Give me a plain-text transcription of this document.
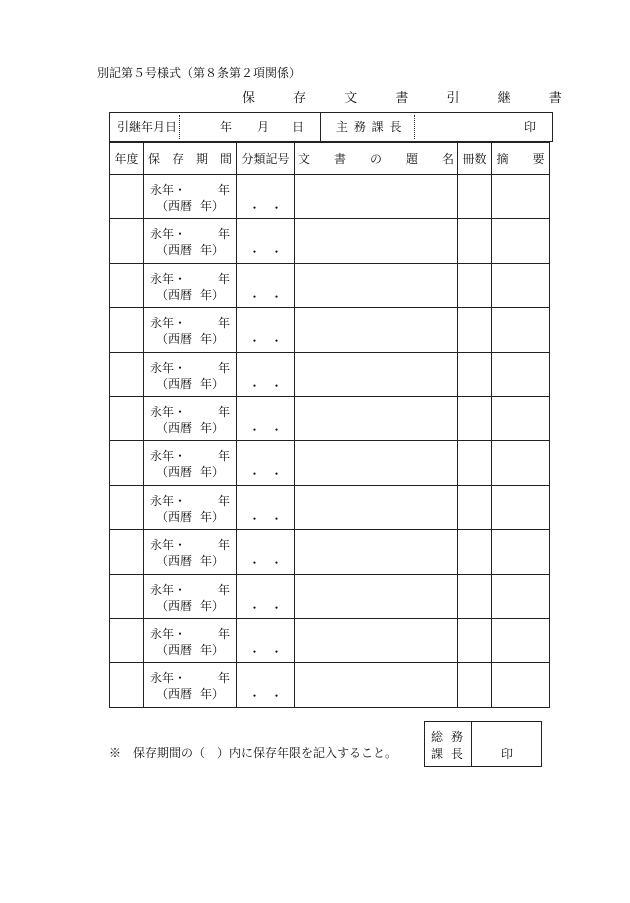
別記第５号様式（第８条第２項関係）
保 存 文 書 引 継 書
引継年月日	年 月 日	主 務 課 長	印
年度	保　存　期　間	分類記号	文　　書　　の　　題　　名	冊数	摘　　要

	永年・ 年
（西暦 年）	・・			

	永年・ 年
（西暦 年）	・・			

	永年・ 年
（西暦 年）	・・			

	永年・ 年
（西暦 年）	・・			

	永年・ 年
（西暦 年）	・・			

	永年・ 年
（西暦 年）	・・			

	永年・ 年
（西暦 年）	・・			

	永年・ 年
（西暦 年）	・・			

	永年・ 年
（西暦 年）	・・			

	永年・ 年
（西暦 年）	・・			

	永年・ 年
（西暦 年）	・・			

	永年・ 年
（西暦 年）	・・			

※　保存期間の（　）内に保存年限を記入すること。
総務
課長 印
